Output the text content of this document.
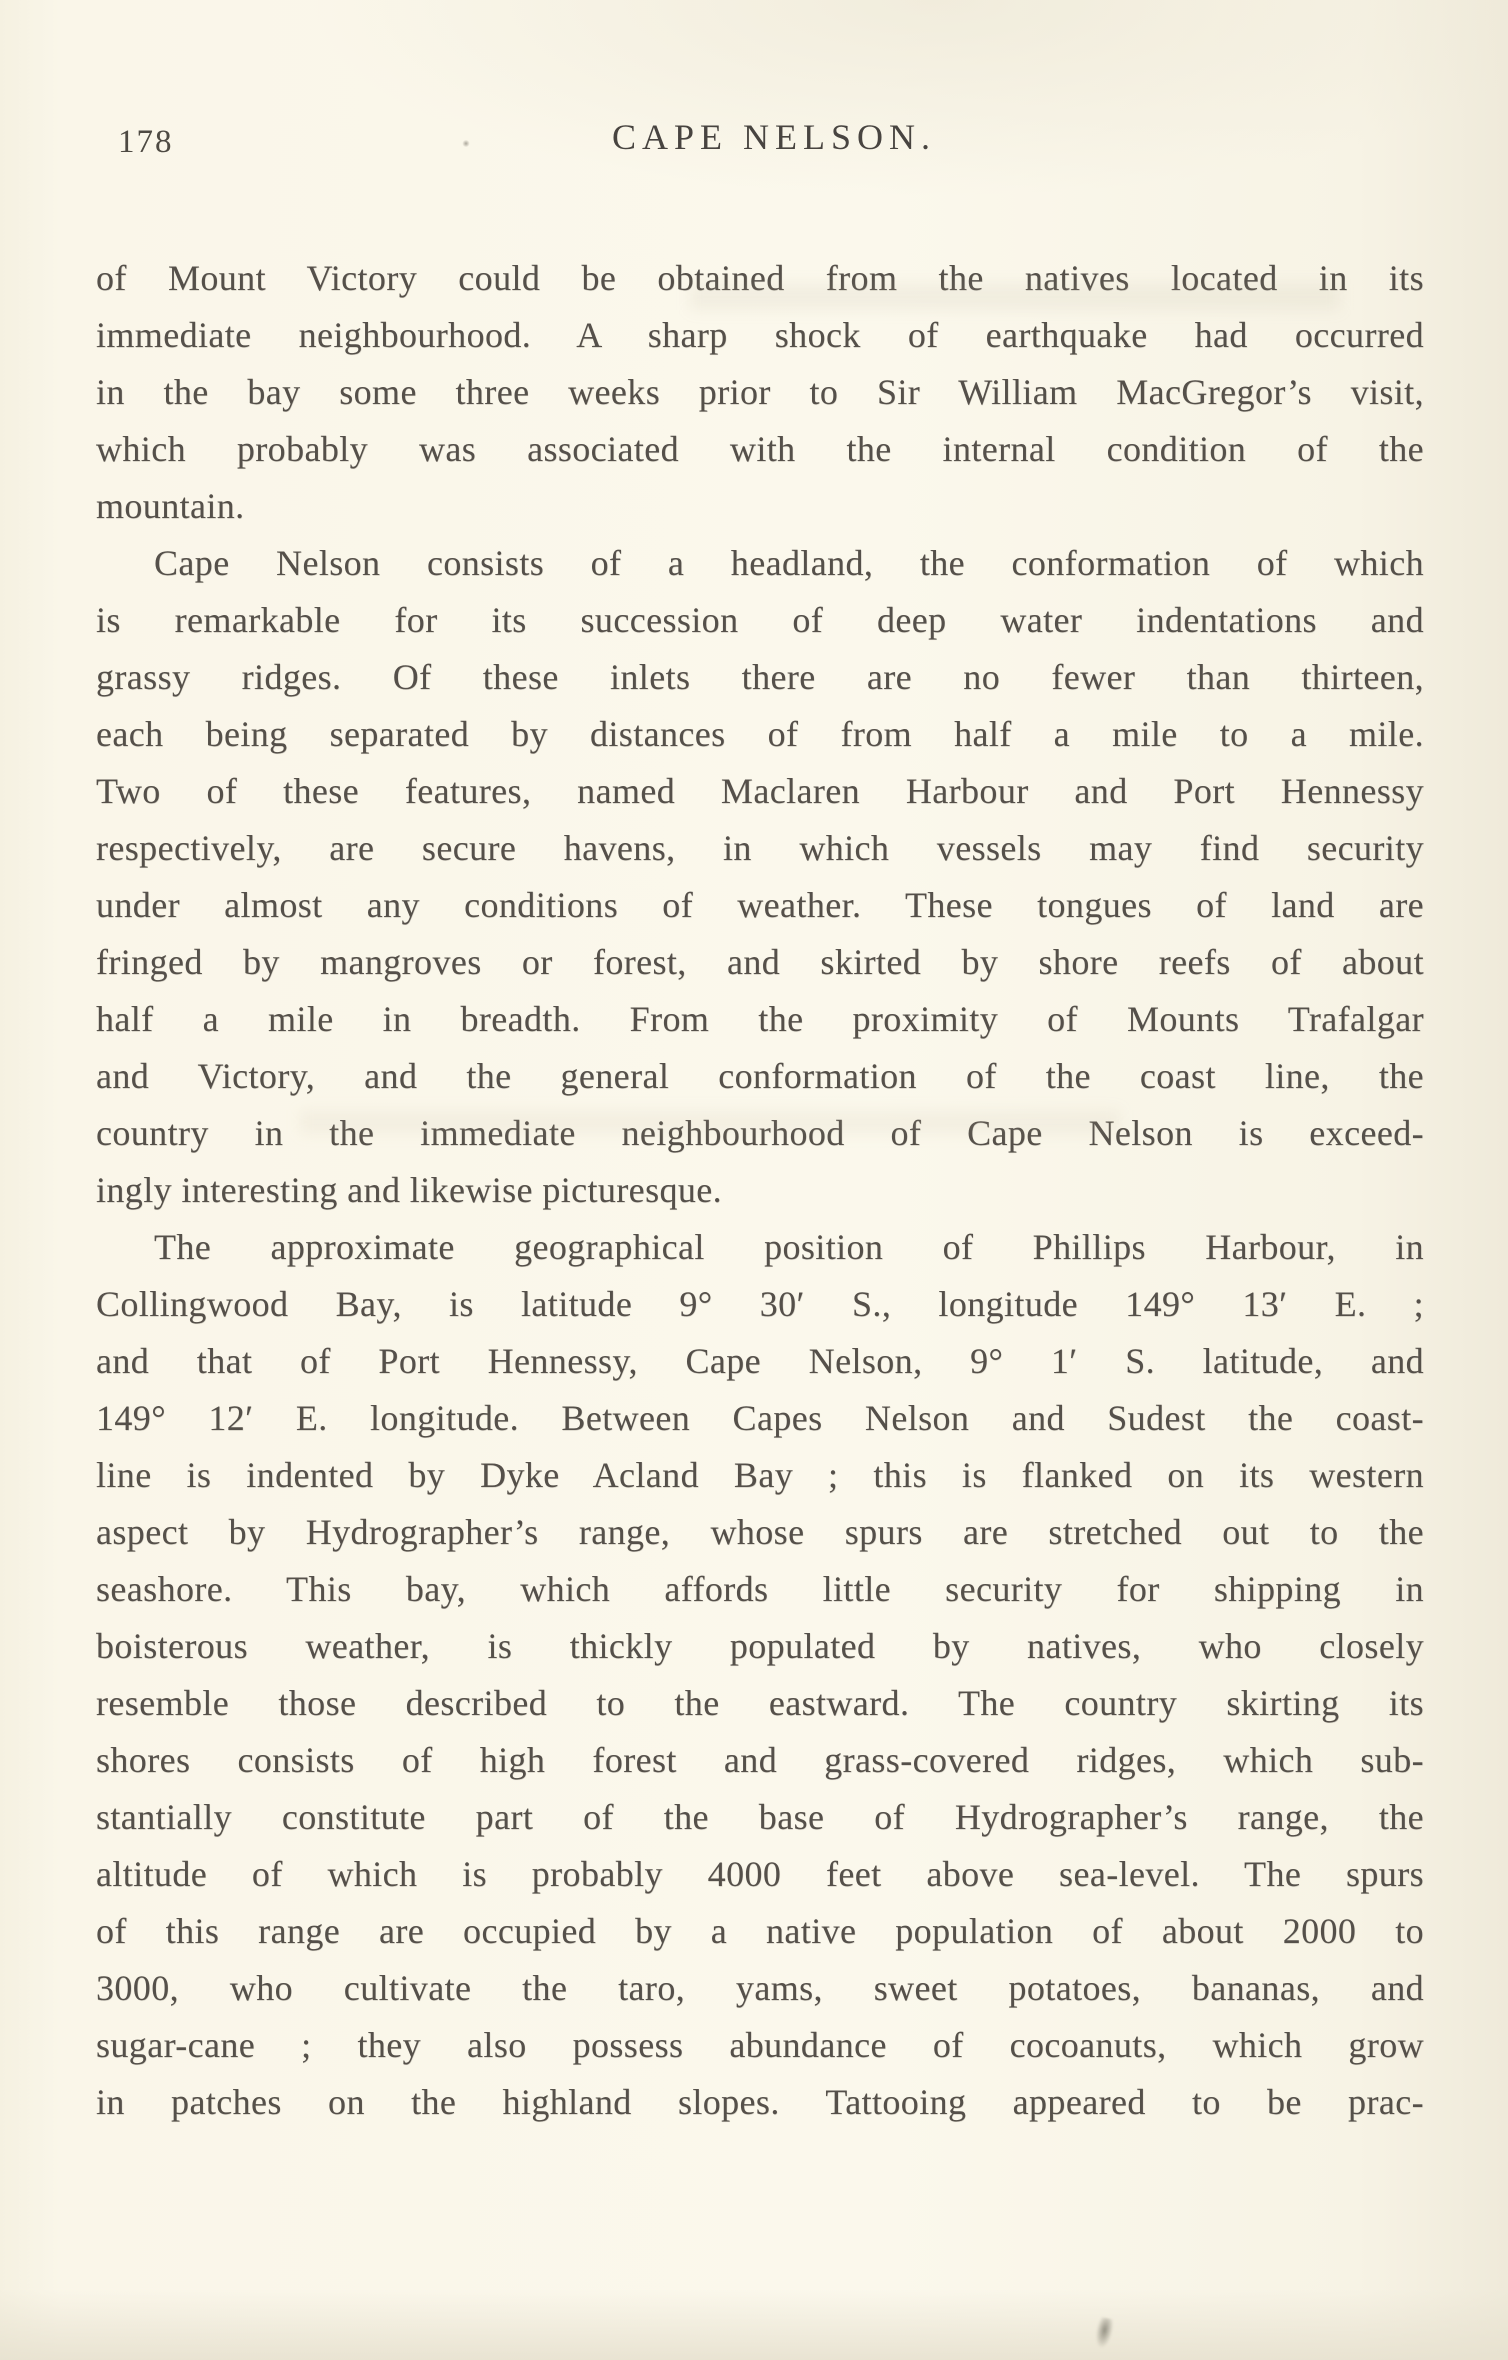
178	CAPE NELSON.
of Mount Victory could be obtained from the natives located in its
immediate neighbourhood. A sharp shock of earthquake had occurred
in the bay some three weeks prior to Sir William MacGregor’s visit,
which probably was associated with the internal condition of the
mountain.
Cape Nelson consists of a headland, the conformation of which
is remarkable for its succession of deep water indentations and
grassy ridges. Of these inlets there are no fewer than thirteen,
each being separated by distances of from half a mile to a mile.
Two of these features, named Maclaren Harbour and Port Hennessy
respectively, are secure havens, in which vessels may find security
under almost any conditions of weather. These tongues of land are
fringed by mangroves or forest, and skirted by shore reefs of about
half a mile in breadth. From the proximity of Mounts Trafalgar
and Victory, and the general conformation of the coast line, the
country in the immediate neighbourhood of Cape Nelson is exceed-
ingly interesting and likewise picturesque.
The approximate geographical position of Phillips Harbour, in
Collingwood Bay, is latitude 9° 30′ S., longitude 149° 13′ E. ;
and that of Port Hennessy, Cape Nelson, 9° 1′ S. latitude, and
149° 12′ E. longitude. Between Capes Nelson and Sudest the coast-
line is indented by Dyke Acland Bay ; this is flanked on its western
aspect by Hydrographer’s range, whose spurs are stretched out to the
seashore. This bay, which affords little security for shipping in
boisterous weather, is thickly populated by natives, who closely
resemble those described to the eastward. The country skirting its
shores consists of high forest and grass-covered ridges, which sub-
stantially constitute part of the base of Hydrographer’s range, the
altitude of which is probably 4000 feet above sea-level. The spurs
of this range are occupied by a native population of about 2000 to
3000, who cultivate the taro, yams, sweet potatoes, bananas, and
sugar-cane ; they also possess abundance of cocoanuts, which grow
in patches on the highland slopes. Tattooing appeared to be prac-
